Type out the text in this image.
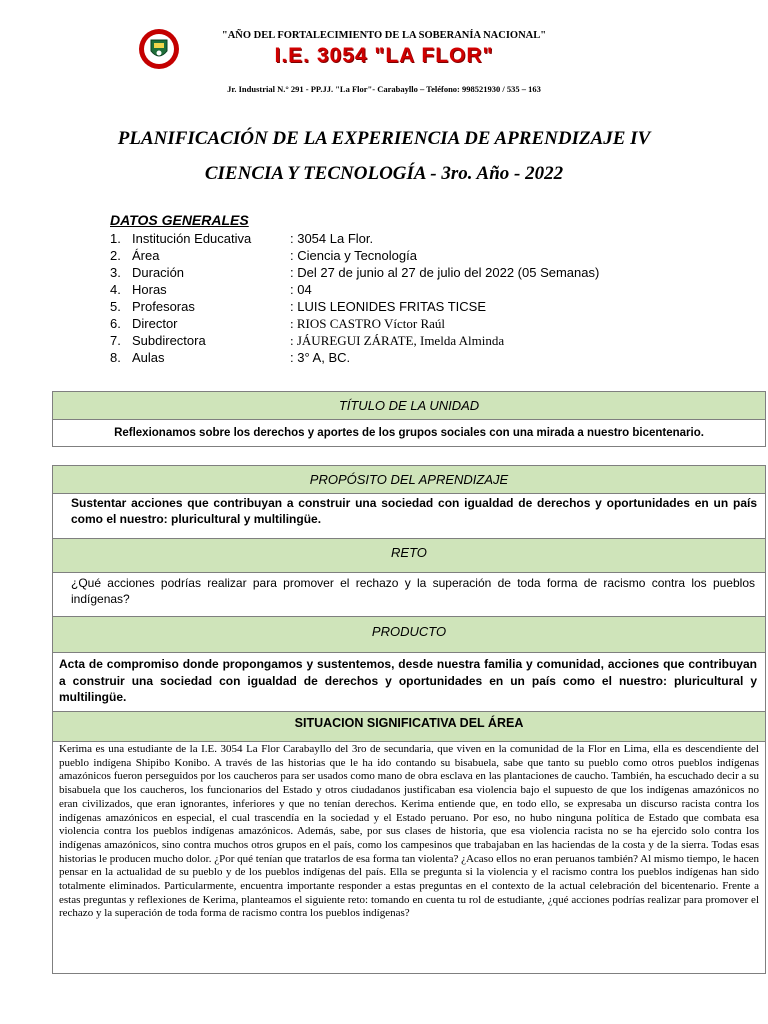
"AÑO DEL FORTALECIMIENTO DE LA SOBERANÍA NACIONAL"
I.E. 3054 "LA FLOR"
Jr. Industrial N.° 291 - PP.JJ. "La Flor"- Carabayllo – Teléfono: 998521930 / 535 – 163
PLANIFICACIÓN DE LA EXPERIENCIA DE APRENDIZAJE IV
CIENCIA Y TECNOLOGÍA - 3ro. Año - 2022
DATOS GENERALES
1. Institución Educativa	: 3054 La Flor.
2. Área	: Ciencia y Tecnología
3. Duración	: Del 27 de junio al 27 de julio del 2022 (05 Semanas)
4. Horas	: 04
5. Profesoras	: LUIS LEONIDES FRITAS TICSE
6. Director	: RIOS CASTRO Víctor Raúl
7. Subdirectora	: JÁUREGUI ZÁRATE, Imelda Alminda
8. Aulas	: 3° A, BC.
TÍTULO DE LA UNIDAD
Reflexionamos sobre los derechos y aportes de los grupos sociales con una mirada a nuestro bicentenario.
PROPÓSITO DEL APRENDIZAJE
Sustentar acciones que contribuyan a construir una sociedad con igualdad de derechos y oportunidades en un país como el nuestro: pluricultural y multilingüe.
RETO
¿Qué acciones podrías realizar para promover el rechazo y la superación de toda forma de racismo contra los pueblos indígenas?
PRODUCTO
Acta de compromiso donde propongamos y sustentemos, desde nuestra familia y comunidad, acciones que contribuyan a construir una sociedad con igualdad de derechos y oportunidades en un país como el nuestro: pluricultural y multilingüe.
SITUACION SIGNIFICATIVA DEL ÁREA
Kerima es una estudiante de la I.E. 3054 La Flor Carabayllo del 3ro de secundaria, que viven en la comunidad de la Flor en Lima, ella es descendiente del pueblo indígena Shipibo Konibo. A través de las historias que le ha ido contando su bisabuela, sabe que tanto su pueblo como otros pueblos indígenas amazónicos fueron perseguidos por los caucheros para ser usados como mano de obra esclava en las plantaciones de caucho. También, ha escuchado decir a su bisabuela que los caucheros, los funcionarios del Estado y otros ciudadanos justificaban esa violencia bajo el supuesto de que los indígenas amazónicos no eran civilizados, que eran ignorantes, inferiores y que no tenían derechos. Kerima entiende que, en todo ello, se expresaba un discurso racista contra los indígenas amazónicos en especial, el cual trascendía en la sociedad y el Estado peruano. Por eso, no hubo ninguna política de Estado que combata esa violencia contra los pueblos indígenas amazónicos. Además, sabe, por sus clases de historia, que esa violencia racista no se ha ejercido solo contra los indígenas amazónicos, sino contra muchos otros grupos en el país, como los campesinos que trabajaban en las haciendas de la costa y de la sierra. Todas esas historias le producen mucho dolor. ¿Por qué tenían que tratarlos de esa forma tan violenta? ¿Acaso ellos no eran peruanos también? Al mismo tiempo, le hacen pensar en la actualidad de su pueblo y de los pueblos indígenas del país. Ella se pregunta si la violencia y el racismo contra los pueblos indígenas han sido totalmente eliminados. Particularmente, encuentra importante responder a estas preguntas en el contexto de la actual celebración del bicentenario. Frente a estas preguntas y reflexiones de Kerima, planteamos el siguiente reto: tomando en cuenta tu rol de estudiante, ¿qué acciones podrías realizar para promover el rechazo y la superación de toda forma de racismo contra los pueblos indígenas?
